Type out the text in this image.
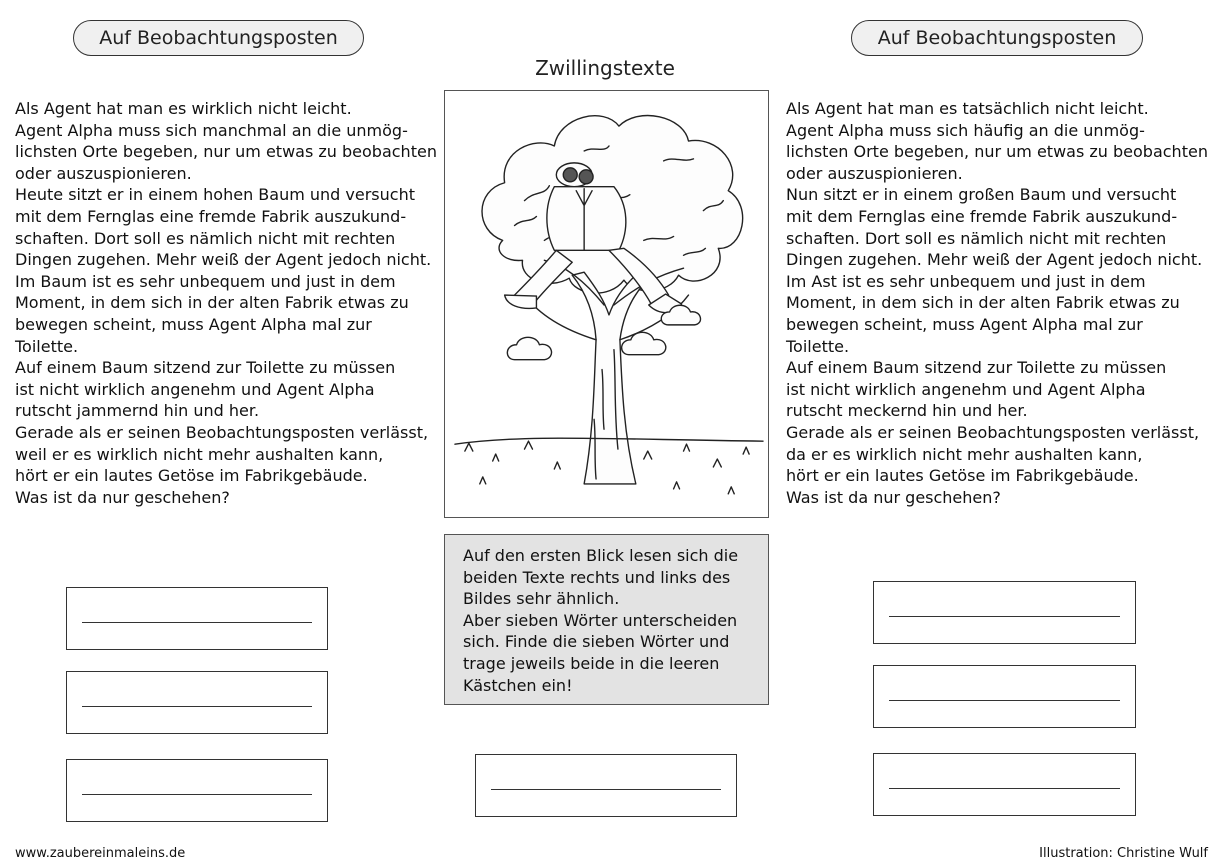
Auf Beobachtungsposten	Auf Beobachtungsposten
Zwillingstexte
Als Agent hat man es wirklich nicht leicht.
Agent Alpha muss sich manchmal an die unmög-
lichsten Orte begeben, nur um etwas zu beobachten
oder auszuspionieren.
Heute sitzt er in einem hohen Baum und versucht
mit dem Fernglas eine fremde Fabrik auszukund-
schaften. Dort soll es nämlich nicht mit rechten
Dingen zugehen. Mehr weiß der Agent jedoch nicht.
Im Baum ist es sehr unbequem und just in dem
Moment, in dem sich in der alten Fabrik etwas zu
bewegen scheint, muss Agent Alpha mal zur
Toilette.
Auf einem Baum sitzend zur Toilette zu müssen
ist nicht wirklich angenehm und Agent Alpha
rutscht jammernd hin und her.
Gerade als er seinen Beobachtungsposten verlässt,
weil er es wirklich nicht mehr aushalten kann,
hört er ein lautes Getöse im Fabrikgebäude.
Was ist da nur geschehen?
Als Agent hat man es tatsächlich nicht leicht.
Agent Alpha muss sich häufig an die unmög-
lichsten Orte begeben, nur um etwas zu beobachten
oder auszuspionieren.
Nun sitzt er in einem großen Baum und versucht
mit dem Fernglas eine fremde Fabrik auszukund-
schaften. Dort soll es nämlich nicht mit rechten
Dingen zugehen. Mehr weiß der Agent jedoch nicht.
Im Ast ist es sehr unbequem und just in dem
Moment, in dem sich in der alten Fabrik etwas zu
bewegen scheint, muss Agent Alpha mal zur
Toilette.
Auf einem Baum sitzend zur Toilette zu müssen
ist nicht wirklich angenehm und Agent Alpha
rutscht meckernd hin und her.
Gerade als er seinen Beobachtungsposten verlässt,
da er es wirklich nicht mehr aushalten kann,
hört er ein lautes Getöse im Fabrikgebäude.
Was ist da nur geschehen?
Auf den ersten Blick lesen sich die
beiden Texte rechts und links des
Bildes sehr ähnlich.
Aber sieben Wörter unterscheiden
sich. Finde die sieben Wörter und
trage jeweils beide in die leeren
Kästchen ein!
www.zaubereinmaleins.de	Illustration: Christine Wulf
